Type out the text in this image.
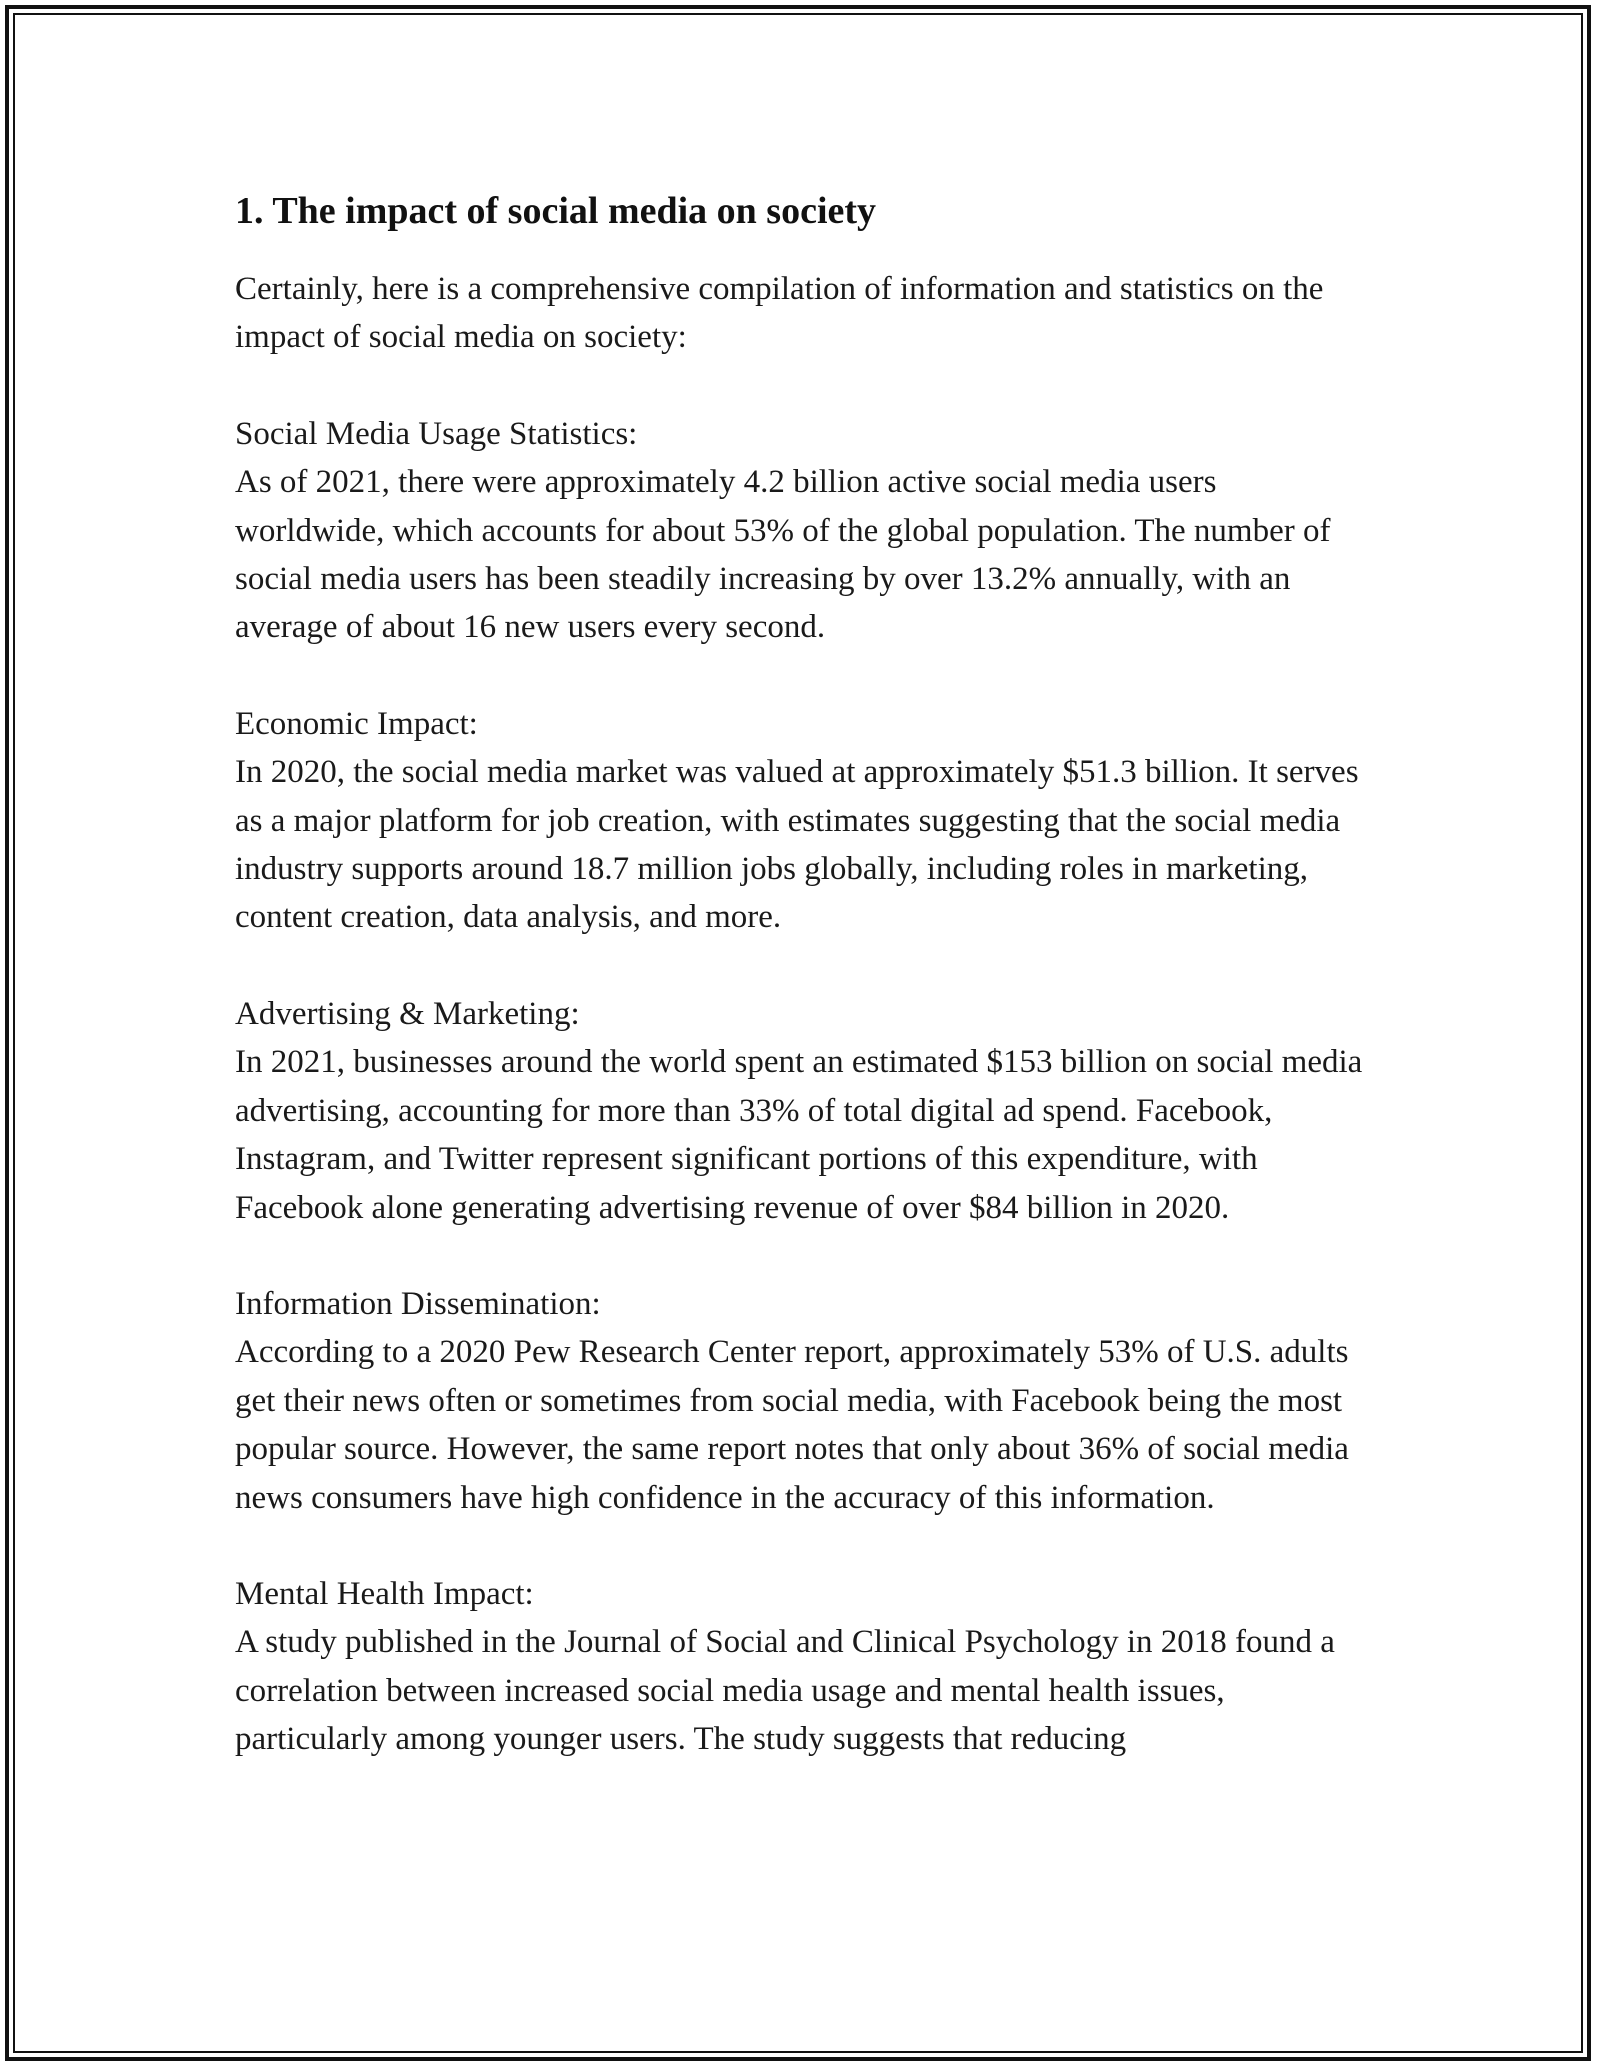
1. The impact of social media on society

Certainly, here is a comprehensive compilation of information and statistics on the impact of social media on society:

Social Media Usage Statistics:
As of 2021, there were approximately 4.2 billion active social media users worldwide, which accounts for about 53% of the global population. The number of social media users has been steadily increasing by over 13.2% annually, with an average of about 16 new users every second.

Economic Impact:
In 2020, the social media market was valued at approximately $51.3 billion. It serves as a major platform for job creation, with estimates suggesting that the social media industry supports around 18.7 million jobs globally, including roles in marketing, content creation, data analysis, and more.

Advertising & Marketing:
In 2021, businesses around the world spent an estimated $153 billion on social media advertising, accounting for more than 33% of total digital ad spend. Facebook, Instagram, and Twitter represent significant portions of this expenditure, with Facebook alone generating advertising revenue of over $84 billion in 2020.

Information Dissemination:
According to a 2020 Pew Research Center report, approximately 53% of U.S. adults get their news often or sometimes from social media, with Facebook being the most popular source. However, the same report notes that only about 36% of social media news consumers have high confidence in the accuracy of this information.

Mental Health Impact:
A study published in the Journal of Social and Clinical Psychology in 2018 found a correlation between increased social media usage and mental health issues, particularly among younger users. The study suggests that reducing
